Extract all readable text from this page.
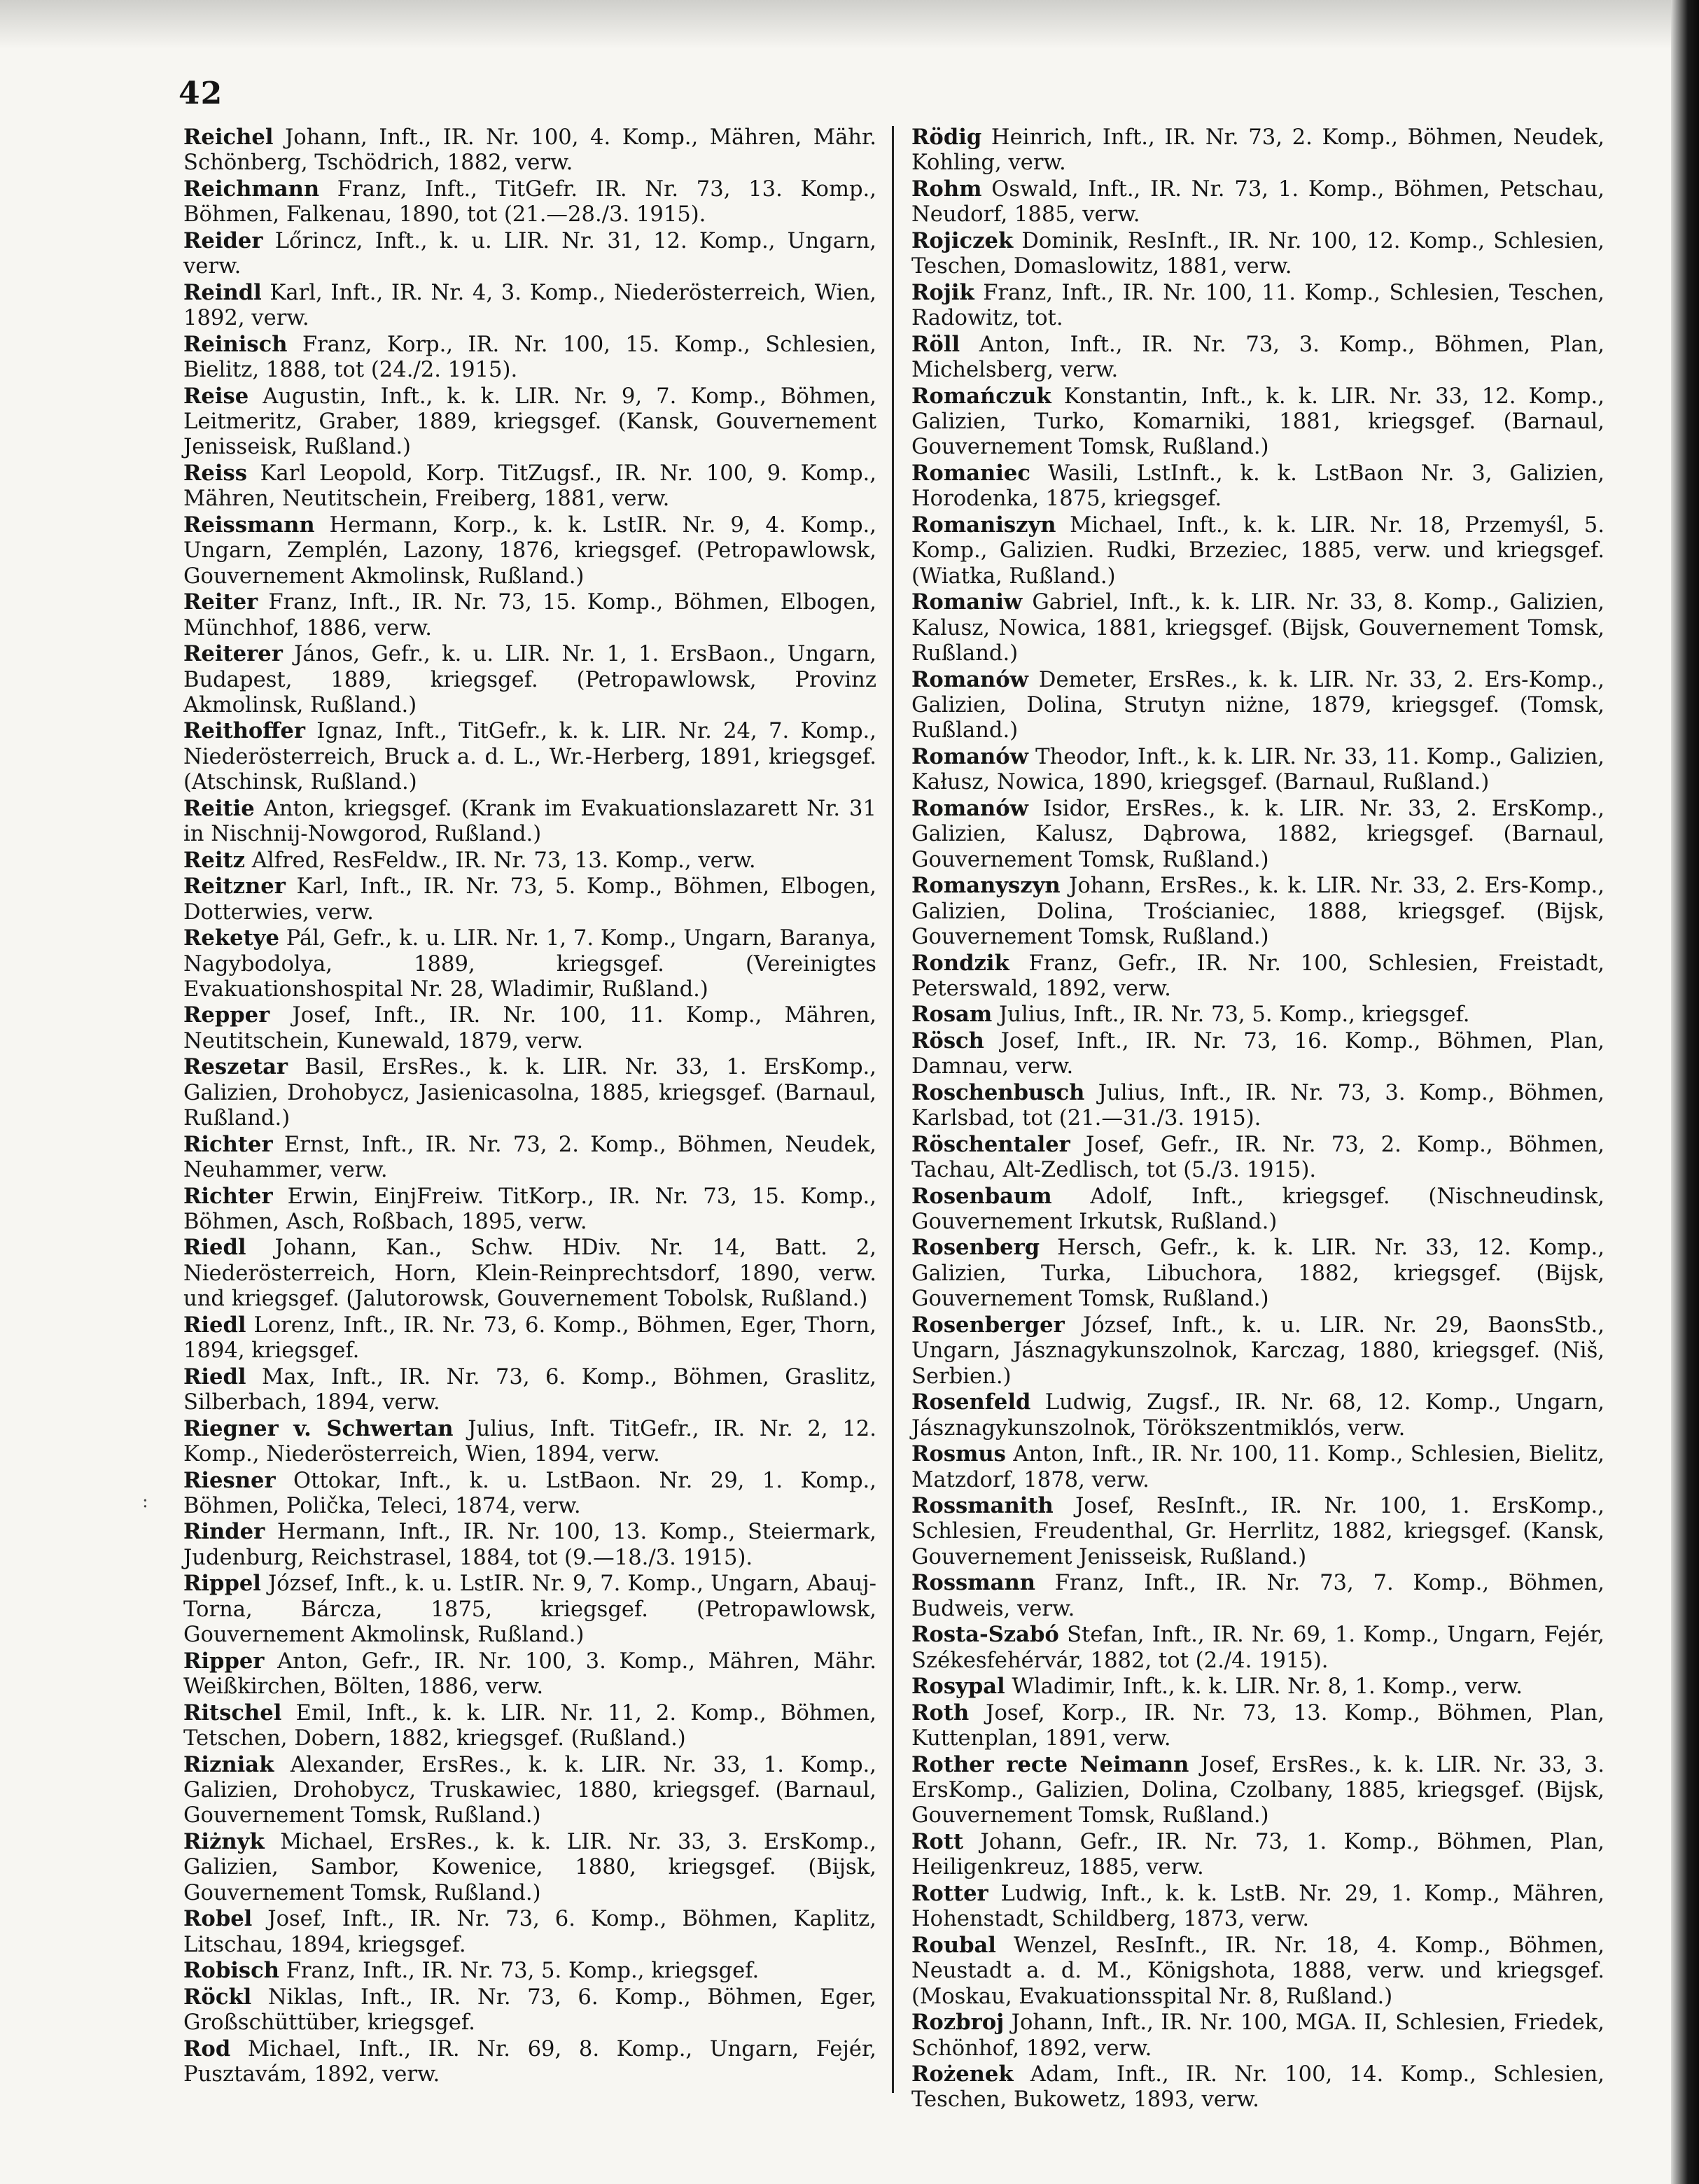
42
:

Reichel Johann, Inft., IR. Nr. 100, 4. Komp., Mähren, Mähr. Schönberg, Tschödrich, 1882, verw.

Reichmann Franz, Inft., TitGefr. IR. Nr. 73, 13. Komp., Böhmen, Falkenau, 1890, tot (21.—28./3. 1915).

Reider Lőrincz, Inft., k. u. LIR. Nr. 31, 12. Komp., Ungarn, verw.

Reindl Karl, Inft., IR. Nr. 4, 3. Komp., Niederösterreich, Wien, 1892, verw.

Reinisch Franz, Korp., IR. Nr. 100, 15. Komp., Schlesien, Bielitz, 1888, tot (24./2. 1915).

Reise Augustin, Inft., k. k. LIR. Nr. 9, 7. Komp., Böhmen, Leitmeritz, Graber, 1889, kriegsgef. (Kansk, Gouvernement Jenisseisk, Rußland.)

Reiss Karl Leopold, Korp. TitZugsf., IR. Nr. 100, 9. Komp., Mähren, Neutitschein, Freiberg, 1881, verw.

Reissmann Hermann, Korp., k. k. LstIR. Nr. 9, 4. Komp., Ungarn, Zemplén, Lazony, 1876, kriegsgef. (Petropawlowsk, Gouvernement Akmolinsk, Rußland.)

Reiter Franz, Inft., IR. Nr. 73, 15. Komp., Böhmen, Elbogen, Münchhof, 1886, verw.

Reiterer János, Gefr., k. u. LIR. Nr. 1, 1. ErsBaon., Ungarn, Budapest, 1889, kriegsgef. (Petropawlowsk, Provinz Akmolinsk, Rußland.)

Reithoffer Ignaz, Inft., TitGefr., k. k. LIR. Nr. 24, 7. Komp., Niederösterreich, Bruck a. d. L., Wr.-Herberg, 1891, kriegsgef. (Atschinsk, Rußland.)

Reitie Anton, kriegsgef. (Krank im Evakuationslazarett Nr. 31 in Nischnij-Nowgorod, Rußland.)

Reitz Alfred, ResFeldw., IR. Nr. 73, 13. Komp., verw.

Reitzner Karl, Inft., IR. Nr. 73, 5. Komp., Böhmen, Elbogen, Dotterwies, verw.

Reketye Pál, Gefr., k. u. LIR. Nr. 1, 7. Komp., Ungarn, Baranya, Nagybodolya, 1889, kriegsgef. (Vereinigtes Evakuationshospital Nr. 28, Wladimir, Rußland.)

Repper Josef, Inft., IR. Nr. 100, 11. Komp., Mähren, Neutitschein, Kunewald, 1879, verw.

Reszetar Basil, ErsRes., k. k. LIR. Nr. 33, 1. ErsKomp., Galizien, Drohobycz, Jasienicasolna, 1885, kriegsgef. (Barnaul, Rußland.)

Richter Ernst, Inft., IR. Nr. 73, 2. Komp., Böhmen, Neudek, Neuhammer, verw.

Richter Erwin, EinjFreiw. TitKorp., IR. Nr. 73, 15. Komp., Böhmen, Asch, Roßbach, 1895, verw.

Riedl Johann, Kan., Schw. HDiv. Nr. 14, Batt. 2, Niederösterreich, Horn, Klein-Reinprechtsdorf, 1890, verw. und kriegsgef. (Jalutorowsk, Gouvernement Tobolsk, Rußland.)

Riedl Lorenz, Inft., IR. Nr. 73, 6. Komp., Böhmen, Eger, Thorn, 1894, kriegsgef.

Riedl Max, Inft., IR. Nr. 73, 6. Komp., Böhmen, Graslitz, Silberbach, 1894, verw.

Riegner v. Schwertan Julius, Inft. TitGefr., IR. Nr. 2, 12. Komp., Niederösterreich, Wien, 1894, verw.

Riesner Ottokar, Inft., k. u. LstBaon. Nr. 29, 1. Komp., Böhmen, Polička, Teleci, 1874, verw.

Rinder Hermann, Inft., IR. Nr. 100, 13. Komp., Steiermark, Judenburg, Reichstrasel, 1884, tot (9.—18./3. 1915).

Rippel József, Inft., k. u. LstIR. Nr. 9, 7. Komp., Ungarn, Abauj-Torna, Bárcza, 1875, kriegsgef. (Petropawlowsk, Gouvernement Akmolinsk, Rußland.)

Ripper Anton, Gefr., IR. Nr. 100, 3. Komp., Mähren, Mähr. Weißkirchen, Bölten, 1886, verw.

Ritschel Emil, Inft., k. k. LIR. Nr. 11, 2. Komp., Böhmen, Tetschen, Dobern, 1882, kriegsgef. (Rußland.)

Rizniak Alexander, ErsRes., k. k. LIR. Nr. 33, 1. Komp., Galizien, Drohobycz, Truskawiec, 1880, kriegsgef. (Barnaul, Gouvernement Tomsk, Rußland.)

Riżnyk Michael, ErsRes., k. k. LIR. Nr. 33, 3. ErsKomp., Galizien, Sambor, Kowenice, 1880, kriegsgef. (Bijsk, Gouvernement Tomsk, Rußland.)

Robel Josef, Inft., IR. Nr. 73, 6. Komp., Böhmen, Kaplitz, Litschau, 1894, kriegsgef.

Robisch Franz, Inft., IR. Nr. 73, 5. Komp., kriegsgef.

Röckl Niklas, Inft., IR. Nr. 73, 6. Komp., Böhmen, Eger, Großschüttüber, kriegsgef.

Rod Michael, Inft., IR. Nr. 69, 8. Komp., Ungarn, Fejér, Pusztavám, 1892, verw.

Rödig Heinrich, Inft., IR. Nr. 73, 2. Komp., Böhmen, Neudek, Kohling, verw.

Rohm Oswald, Inft., IR. Nr. 73, 1. Komp., Böhmen, Petschau, Neudorf, 1885, verw.

Rojiczek Dominik, ResInft., IR. Nr. 100, 12. Komp., Schlesien, Teschen, Domaslowitz, 1881, verw.

Rojik Franz, Inft., IR. Nr. 100, 11. Komp., Schlesien, Teschen, Radowitz, tot.

Röll Anton, Inft., IR. Nr. 73, 3. Komp., Böhmen, Plan, Michelsberg, verw.

Romańczuk Konstantin, Inft., k. k. LIR. Nr. 33, 12. Komp., Galizien, Turko, Komarniki, 1881, kriegsgef. (Barnaul, Gouvernement Tomsk, Rußland.)

Romaniec Wasili, LstInft., k. k. LstBaon Nr. 3, Galizien, Horodenka, 1875, kriegsgef.

Romaniszyn Michael, Inft., k. k. LIR. Nr. 18, Przemyśl, 5. Komp., Galizien. Rudki, Brzeziec, 1885, verw. und kriegsgef. (Wiatka, Rußland.)

Romaniw Gabriel, Inft., k. k. LIR. Nr. 33, 8. Komp., Galizien, Kalusz, Nowica, 1881, kriegsgef. (Bijsk, Gouvernement Tomsk, Rußland.)

Romanów Demeter, ErsRes., k. k. LIR. Nr. 33, 2. Ers-Komp., Galizien, Dolina, Strutyn niżne, 1879, kriegsgef. (Tomsk, Rußland.)

Romanów Theodor, Inft., k. k. LIR. Nr. 33, 11. Komp., Galizien, Kałusz, Nowica, 1890, kriegsgef. (Barnaul, Rußland.)

Romanów Isidor, ErsRes., k. k. LIR. Nr. 33, 2. ErsKomp., Galizien, Kalusz, Dąbrowa, 1882, kriegsgef. (Barnaul, Gouvernement Tomsk, Rußland.)

Romanyszyn Johann, ErsRes., k. k. LIR. Nr. 33, 2. Ers-Komp., Galizien, Dolina, Trościaniec, 1888, kriegsgef. (Bijsk, Gouvernement Tomsk, Rußland.)

Rondzik Franz, Gefr., IR. Nr. 100, Schlesien, Freistadt, Peterswald, 1892, verw.

Rosam Julius, Inft., IR. Nr. 73, 5. Komp., kriegsgef.

Rösch Josef, Inft., IR. Nr. 73, 16. Komp., Böhmen, Plan, Damnau, verw.

Roschenbusch Julius, Inft., IR. Nr. 73, 3. Komp., Böhmen, Karlsbad, tot (21.—31./3. 1915).

Röschentaler Josef, Gefr., IR. Nr. 73, 2. Komp., Böhmen, Tachau, Alt-Zedlisch, tot (5./3. 1915).

Rosenbaum Adolf, Inft., kriegsgef. (Nischneudinsk, Gouvernement Irkutsk, Rußland.)

Rosenberg Hersch, Gefr., k. k. LIR. Nr. 33, 12. Komp., Galizien, Turka, Libuchora, 1882, kriegsgef. (Bijsk, Gouvernement Tomsk, Rußland.)

Rosenberger József, Inft., k. u. LIR. Nr. 29, BaonsStb., Ungarn, Jásznagykunszolnok, Karczag, 1880, kriegsgef. (Niš, Serbien.)

Rosenfeld Ludwig, Zugsf., IR. Nr. 68, 12. Komp., Ungarn, Jásznagykunszolnok, Törökszentmiklós, verw.

Rosmus Anton, Inft., IR. Nr. 100, 11. Komp., Schlesien, Bielitz, Matzdorf, 1878, verw.

Rossmanith Josef, ResInft., IR. Nr. 100, 1. ErsKomp., Schlesien, Freudenthal, Gr. Herrlitz, 1882, kriegsgef. (Kansk, Gouvernement Jenisseisk, Rußland.)

Rossmann Franz, Inft., IR. Nr. 73, 7. Komp., Böhmen, Budweis, verw.

Rosta-Szabó Stefan, Inft., IR. Nr. 69, 1. Komp., Ungarn, Fejér, Székesfehérvár, 1882, tot (2./4. 1915).

Rosypal Wladimir, Inft., k. k. LIR. Nr. 8, 1. Komp., verw.

Roth Josef, Korp., IR. Nr. 73, 13. Komp., Böhmen, Plan, Kuttenplan, 1891, verw.

Rother recte Neimann Josef, ErsRes., k. k. LIR. Nr. 33, 3. ErsKomp., Galizien, Dolina, Czolbany, 1885, kriegsgef. (Bijsk, Gouvernement Tomsk, Rußland.)

Rott Johann, Gefr., IR. Nr. 73, 1. Komp., Böhmen, Plan, Heiligenkreuz, 1885, verw.

Rotter Ludwig, Inft., k. k. LstB. Nr. 29, 1. Komp., Mähren, Hohenstadt, Schildberg, 1873, verw.

Roubal Wenzel, ResInft., IR. Nr. 18, 4. Komp., Böhmen, Neustadt a. d. M., Königshota, 1888, verw. und kriegsgef. (Moskau, Evakuationsspital Nr. 8, Rußland.)

Rozbroj Johann, Inft., IR. Nr. 100, MGA. II, Schlesien, Friedek, Schönhof, 1892, verw.

Rożenek Adam, Inft., IR. Nr. 100, 14. Komp., Schlesien, Teschen, Bukowetz, 1893, verw.
